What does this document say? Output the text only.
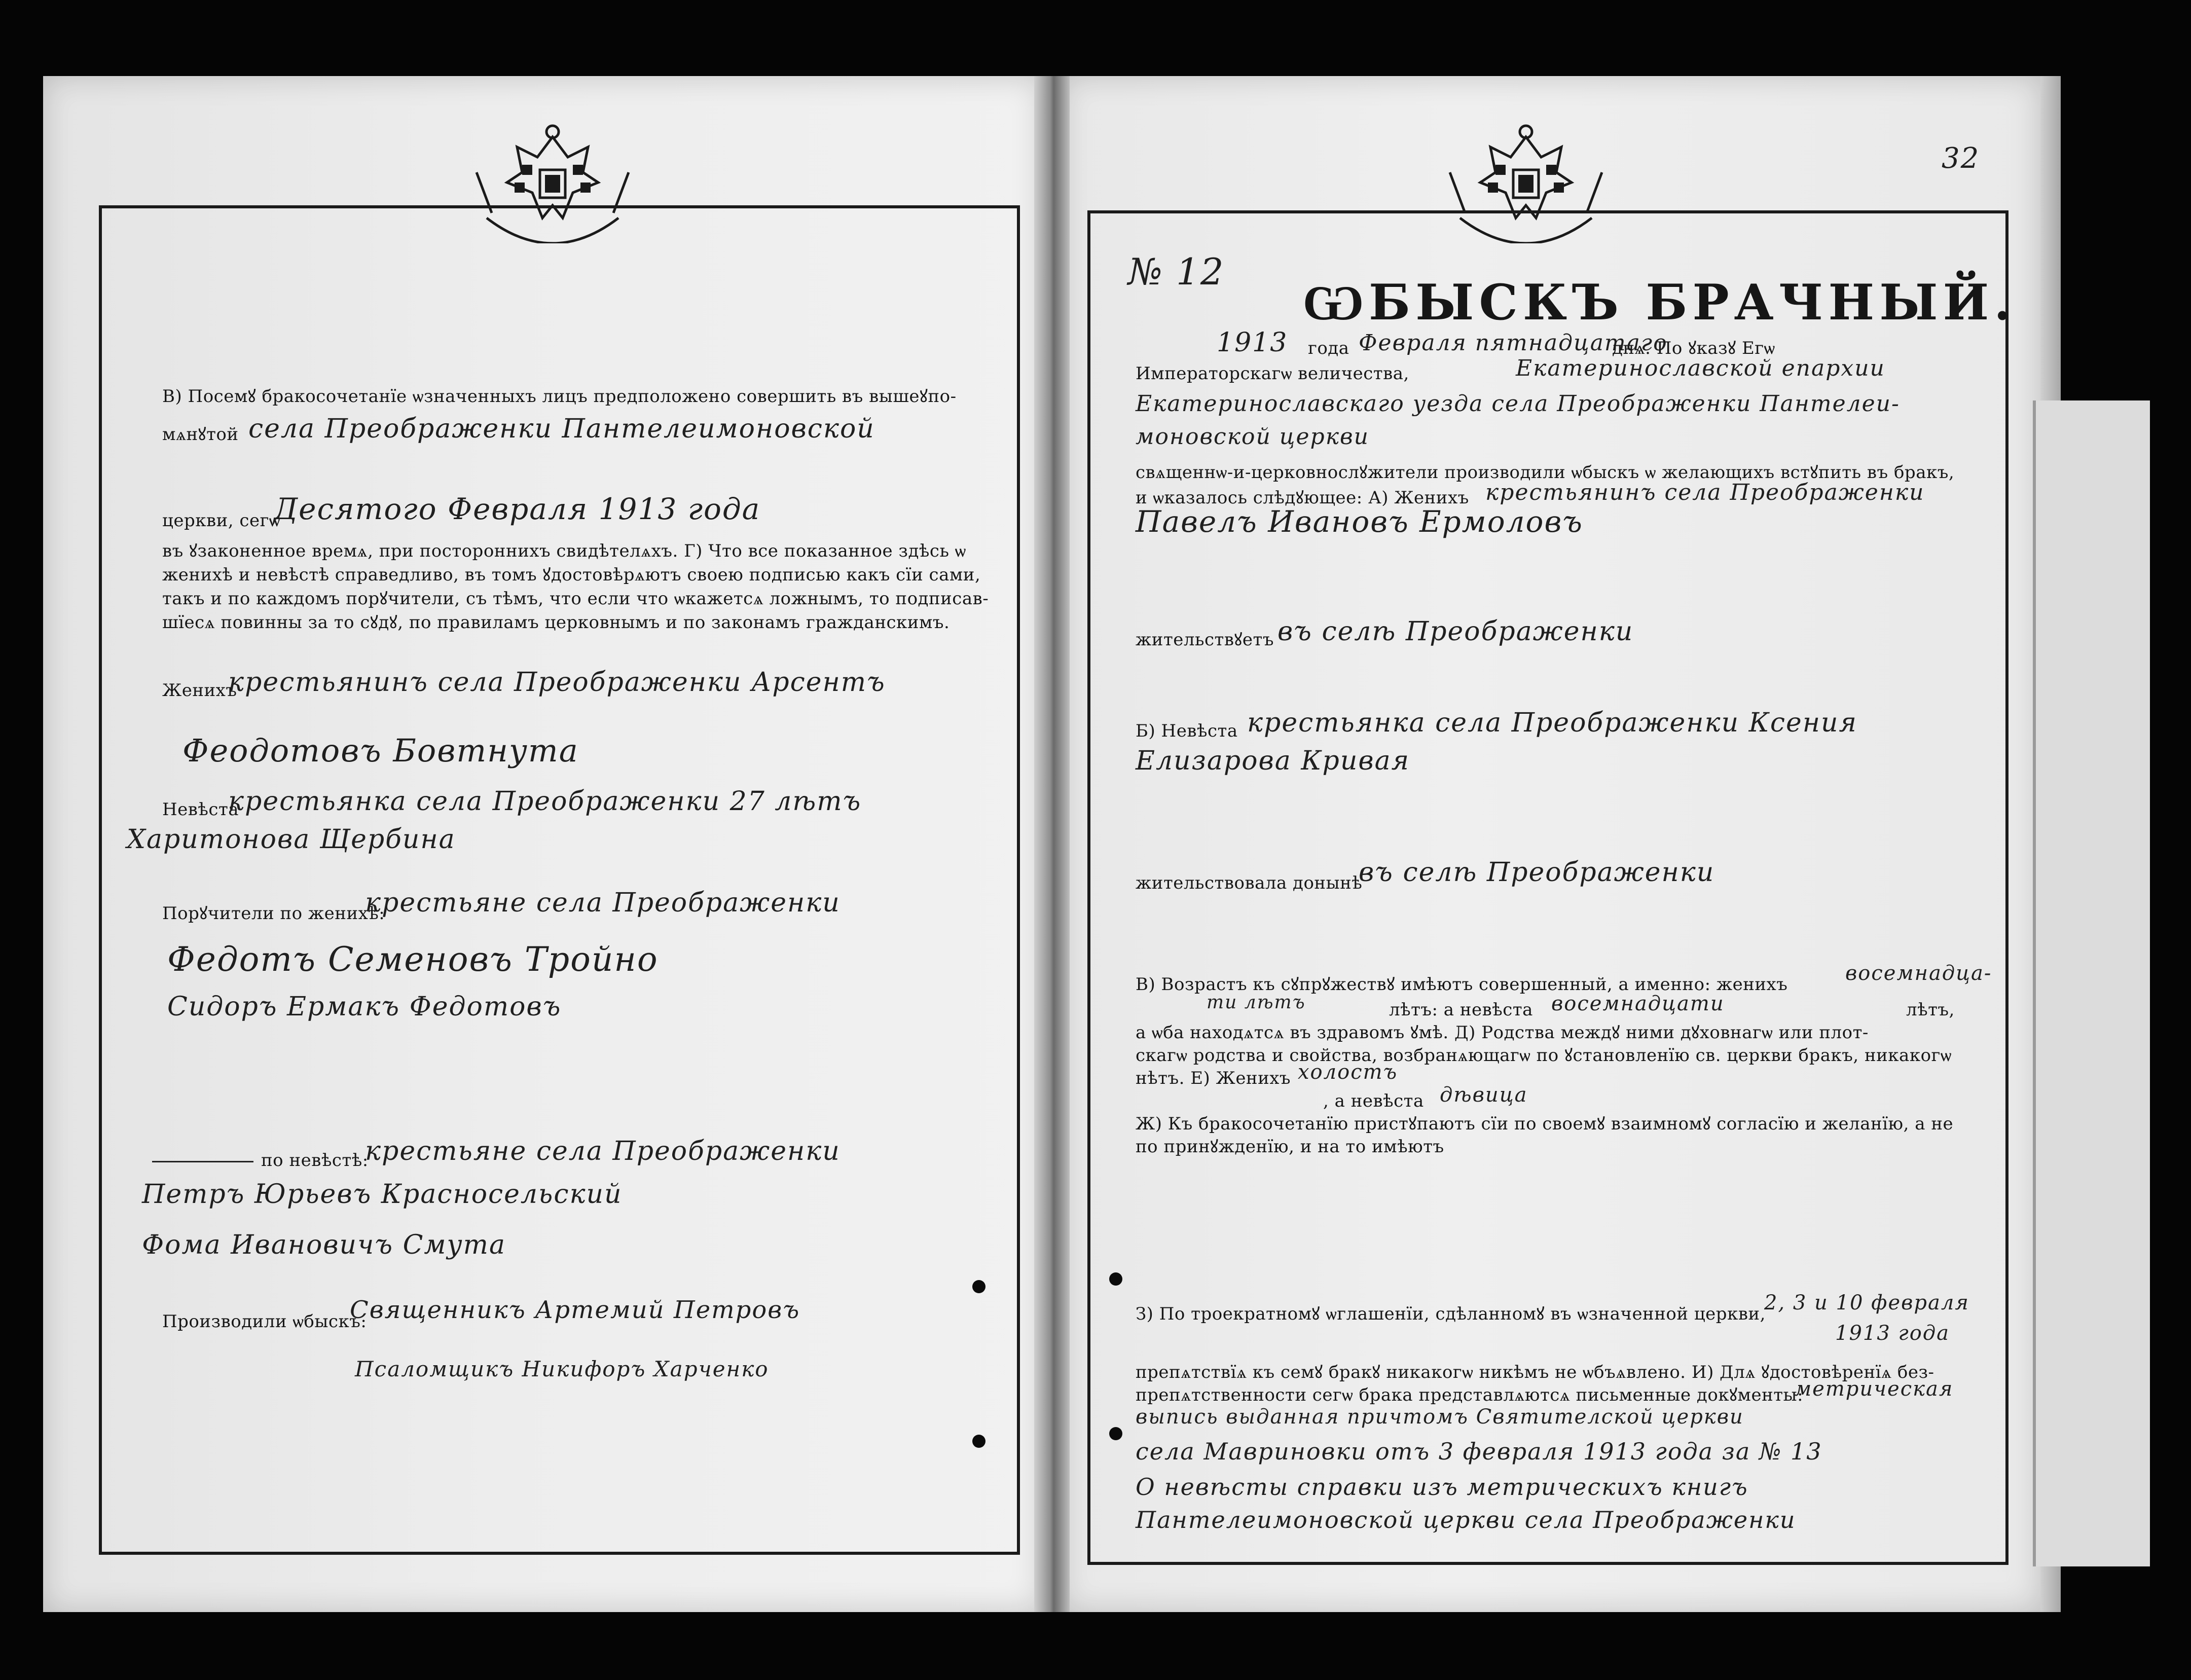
В) Посемꙋ бракосочетанїе ѡзначенныхъ лицъ предположено совершить въ вышеꙋпо-
мѧнꙋтой села Преображенки Пантелеимоновской
церкви, сегѡ
Десятого Февраля 1913 года
въ ꙋзаконенное времѧ, при постороннихъ свидѣтелѧхъ. Г) Что все показанное здѣсь ѡ
женихѣ и невѣстѣ справедливо, въ томъ ꙋдостовѣрѧютъ своею подписью какъ сїи сами,
такъ и по каждомъ порꙋчители, съ тѣмъ, что если что ѡкажетсѧ ложнымъ, то подписав-
шїесѧ повинны за то сꙋдꙋ, по правиламъ церковнымъ и по законамъ гражданскимъ.
Женихъ
крестьянинъ села Преображенки Арсентъ
Феодотовъ Бовтнута
Невѣста
крестьянка села Преображенки 27 лѣтъ
Харитонова Щербина
Порꙋчители по женихѣ:
крестьяне села Преображенки
Федотъ Семеновъ Тройно
Сидоръ Ермакъ Федотовъ
по невѣстѣ:
крестьяне села Преображенки
Петръ Юрьевъ Красносельский
Фома Ивановичъ Смута
Производили ѡбыскъ:
Священникъ Артемий Петровъ
Псаломщикъ Никифоръ Харченко
32
№ 12
ѠБЫСКЪ БРАЧНЫЙ.
1913 года Февраля пятнадцатаго
днѧ. По ꙋказꙋ Егѡ
Императорскагѡ величества,	Екатеринославской епархии
Екатеринославскаго уезда села Преображенки Пантелеи-
моновской церкви
свѧщеннѡ-и-церковнослꙋжители производили ѡбыскъ ѡ желающихъ встꙋпить въ бракъ,
и ѡказалось слѣдꙋющее: А) Женихъ крестьянинъ села Преображенки
Павелъ Ивановъ Ермоловъ
жительствꙋетъ въ селѣ Преображенки
Б) Невѣста крестьянка села Преображенки Ксения
Елизарова Кривая
жительствовала донынѣ
въ селѣ Преображенки
В) Возрастъ къ сꙋпрꙋжествꙋ имѣютъ совершенный, а именно: женихъ	восемнадца-
ти лѣтъ	лѣтъ: а невѣста восемнадцати	лѣтъ,
а ѡба находѧтсѧ въ здравомъ ꙋмѣ. Д) Родства междꙋ ними дꙋховнагѡ или плот-
скагѡ родства и свойства, возбранѧющагѡ по ꙋстановленїю св. церкви бракъ, никакогѡ
нѣтъ. Е) Женихъ холостъ
, а невѣста дѣвица
Ж) Къ бракосочетанїю пристꙋпаютъ сїи по своемꙋ взаимномꙋ согласїю и желанїю, а не
по принꙋжденїю, и на то имѣютъ
З) По троекратномꙋ ѡглашенїи, сдѣланномꙋ въ ѡзначенной церкви,
2, 3 и 10 февраля
1913 года
препѧтствїѧ къ семꙋ бракꙋ никакогѡ никѣмъ не ѡбъѧвлено. И) Длѧ ꙋдостовѣренїѧ без-
препѧтственности сегѡ брака представлѧютсѧ письменные докꙋменты:
метрическая
выпись выданная причтомъ Святителской церкви
села Мавриновки отъ 3 февраля 1913 года за № 13
О невѣсты справки изъ метрическихъ книгъ
Пантелеимоновской церкви села Преображенки
